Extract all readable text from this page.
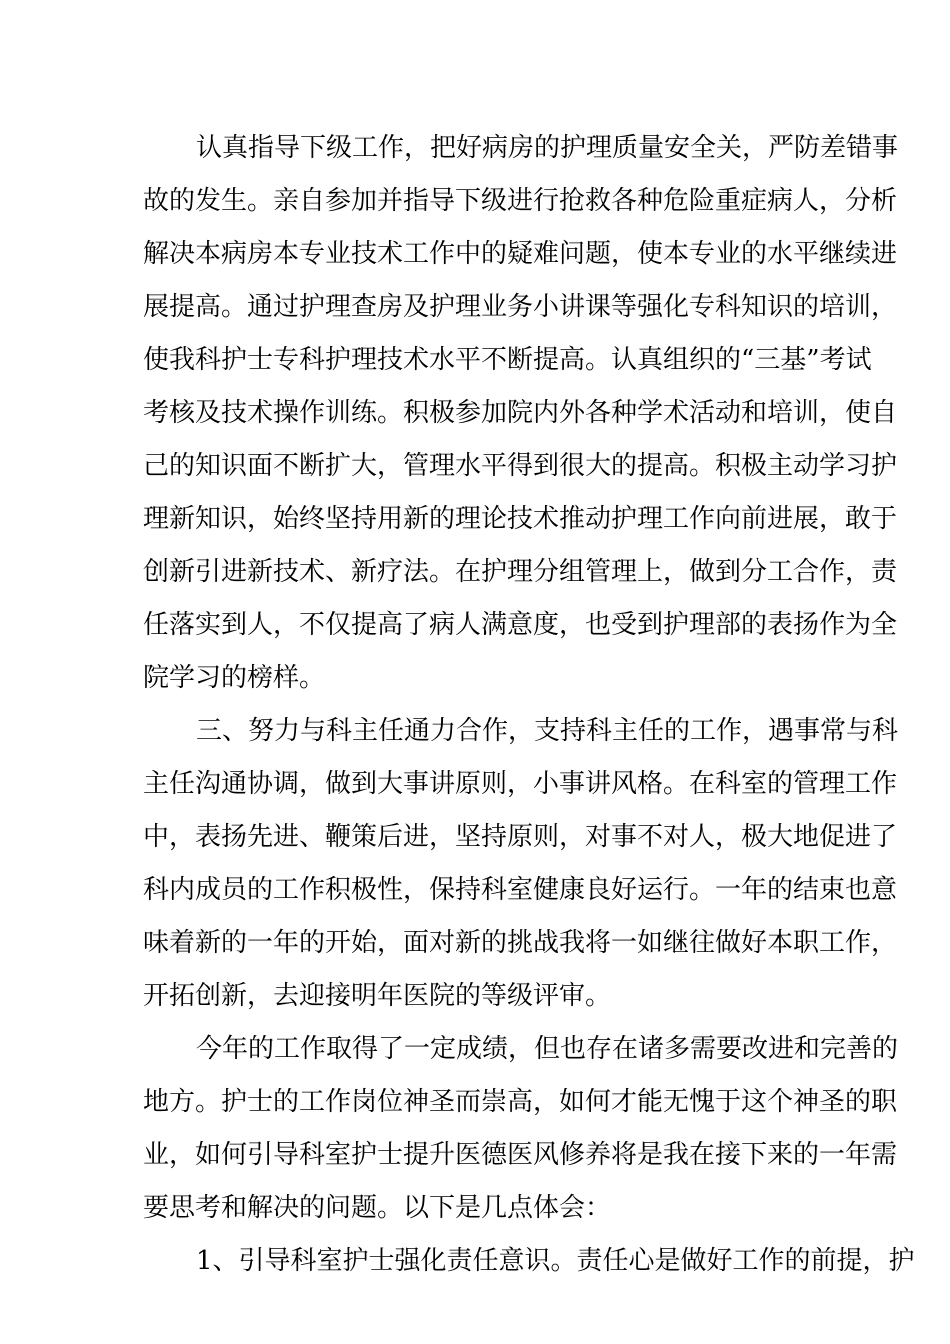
认真指导下级工作，把好病房的护理质量安全关，严防差错事
故的发生。亲自参加并指导下级进行抢救各种危险重症病人，分析
解决本病房本专业技术工作中的疑难问题，使本专业的水平继续进
展提高。通过护理查房及护理业务小讲课等强化专科知识的培训，
使我科护士专科护理技术水平不断提高。认真组织的“三基”考试
考核及技术操作训练。积极参加院内外各种学术活动和培训，使自
己的知识面不断扩大，管理水平得到很大的提高。积极主动学习护
理新知识，始终坚持用新的理论技术推动护理工作向前进展，敢于
创新引进新技术、新疗法。在护理分组管理上，做到分工合作，责
任落实到人，不仅提高了病人满意度，也受到护理部的表扬作为全
院学习的榜样。
三、努力与科主任通力合作，支持科主任的工作，遇事常与科
主任沟通协调，做到大事讲原则，小事讲风格。在科室的管理工作
中，表扬先进、鞭策后进，坚持原则，对事不对人，极大地促进了
科内成员的工作积极性，保持科室健康良好运行。一年的结束也意
味着新的一年的开始，面对新的挑战我将一如继往做好本职工作，
开拓创新，去迎接明年医院的等级评审。
今年的工作取得了一定成绩，但也存在诸多需要改进和完善的
地方。护士的工作岗位神圣而崇高，如何才能无愧于这个神圣的职
业，如何引导科室护士提升医德医风修养将是我在接下来的一年需
要思考和解决的问题。以下是几点体会：
1、引导科室护士强化责任意识。责任心是做好工作的前提，护
